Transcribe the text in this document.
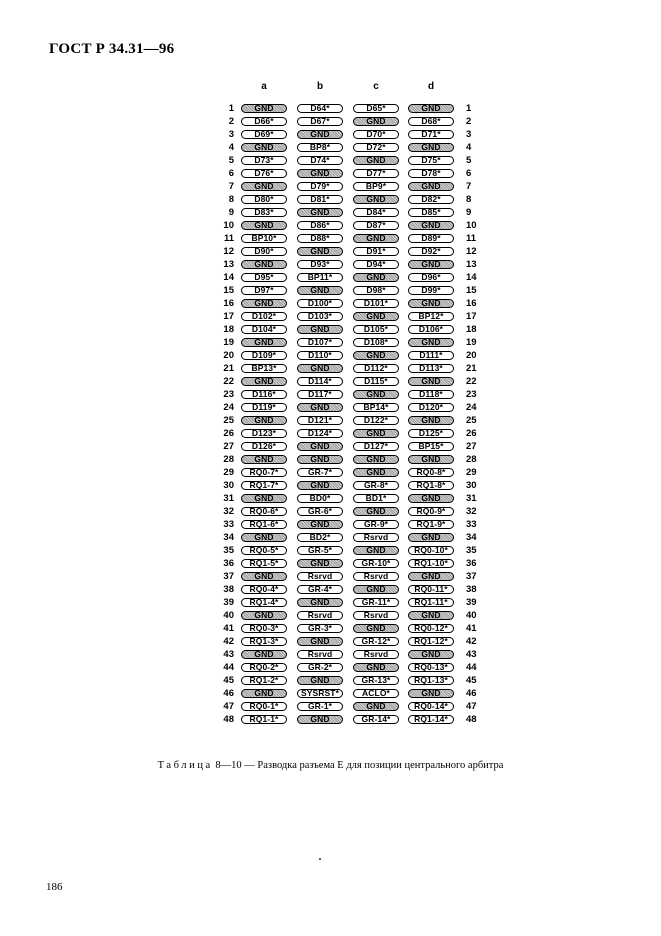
ГОСТ Р 34.31—96
a	b	c	d
1	GND	D64*	D65*	GND	1
2	D66*	D67*	GND	D68*	2
3	D69*	GND	D70*	D71*	3
4	GND	BP8*	D72*	GND	4
5	D73*	D74*	GND	D75*	5
6	D76*	GND	D77*	D78*	6
7	GND	D79*	BP9*	GND	7
8	D80*	D81*	GND	D82*	8
9	D83*	GND	D84*	D85*	9
10	GND	D86*	D87*	GND	10
11	BP10*	D88*	GND	D89*	11
12	D90*	GND	D91*	D92*	12
13	GND	D93*	D94*	GND	13
14	D95*	BP11*	GND	D96*	14
15	D97*	GND	D98*	D99*	15
16	GND	D100*	D101*	GND	16
17	D102*	D103*	GND	BP12*	17
18	D104*	GND	D105*	D106*	18
19	GND	D107*	D108*	GND	19
20	D109*	D110*	GND	D111*	20
21	BP13*	GND	D112*	D113*	21
22	GND	D114*	D115*	GND	22
23	D116*	D117*	GND	D118*	23
24	D119*	GND	BP14*	D120*	24
25	GND	D121*	D122*	GND	25
26	D123*	D124*	GND	D125*	26
27	D126*	GND	D127*	BP15*	27
28	GND	GND	GND	GND	28
29	RQ0-7*	GR-7*	GND	RQ0-8*	29
30	RQ1-7*	GND	GR-8*	RQ1-8*	30
31	GND	BD0*	BD1*	GND	31
32	RQ0-6*	GR-6*	GND	RQ0-9*	32
33	RQ1-6*	GND	GR-9*	RQ1-9*	33
34	GND	BD2*	Rsrvd	GND	34
35	RQ0-5*	GR-5*	GND	RQ0-10*	35
36	RQ1-5*	GND	GR-10*	RQ1-10*	36
37	GND	Rsrvd	Rsrvd	GND	37
38	RQ0-4*	GR-4*	GND	RQ0-11*	38
39	RQ1-4*	GND	GR-11*	RQ1-11*	39
40	GND	Rsrvd	Rsrvd	GND	40
41	RQ0-3*	GR-3*	GND	RQ0-12*	41
42	RQ1-3*	GND	GR-12*	RQ1-12*	42
43	GND	Rsrvd	Rsrvd	GND	43
44	RQ0-2*	GR-2*	GND	RQ0-13*	44
45	RQ1-2*	GND	GR-13*	RQ1-13*	45
46	GND	SYSRST*	ACLO*	GND	46
47	RQ0-1*	GR-1*	GND	RQ0-14*	47
48	RQ1-1*	GND	GR-14*	RQ1-14*	48
Таблица 8—10 — Разводка разъема E для позиции центрального арбитра
186
